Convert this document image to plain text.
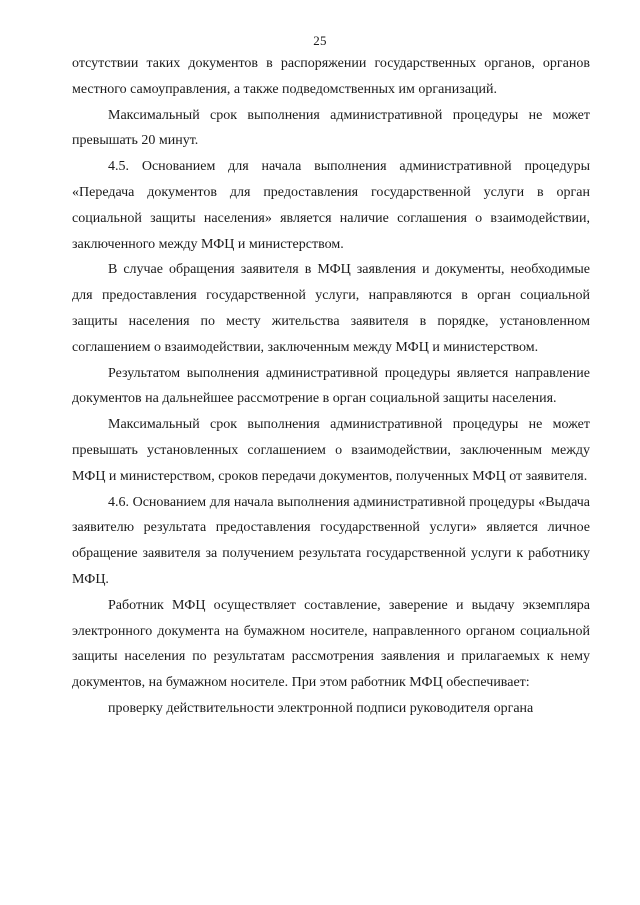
25

отсутствии таких документов в распоряжении государственных органов, органов местного самоуправления, а также подведомственных им организаций.

Максимальный срок выполнения административной процедуры не может превышать 20 минут.

4.5. Основанием для начала выполнения административной процедуры «Передача документов для предоставления государственной услуги в орган социальной защиты населения» является наличие соглашения о взаимодействии, заключенного между МФЦ и министерством.

В случае обращения заявителя в МФЦ заявления и документы, необходимые для предоставления государственной услуги, направляются в орган социальной защиты населения по месту жительства заявителя в порядке, установленном соглашением о взаимодействии, заключенным между МФЦ и министерством.

Результатом выполнения административной процедуры является направление документов на дальнейшее рассмотрение в орган социальной защиты населения.

Максимальный срок выполнения административной процедуры не может превышать установленных соглашением о взаимодействии, заключенным между МФЦ и министерством, сроков передачи документов, полученных МФЦ от заявителя.

4.6. Основанием для начала выполнения административной процедуры «Выдача заявителю результата предоставления государственной услуги» является личное обращение заявителя за получением результата государственной услуги к работнику МФЦ.

Работник МФЦ осуществляет составление, заверение и выдачу экземпляра электронного документа на бумажном носителе, направленного органом социальной защиты населения по результатам рассмотрения заявления и прилагаемых к нему документов, на бумажном носителе. При этом работник МФЦ обеспечивает:

проверку действительности электронной подписи руководителя органа
